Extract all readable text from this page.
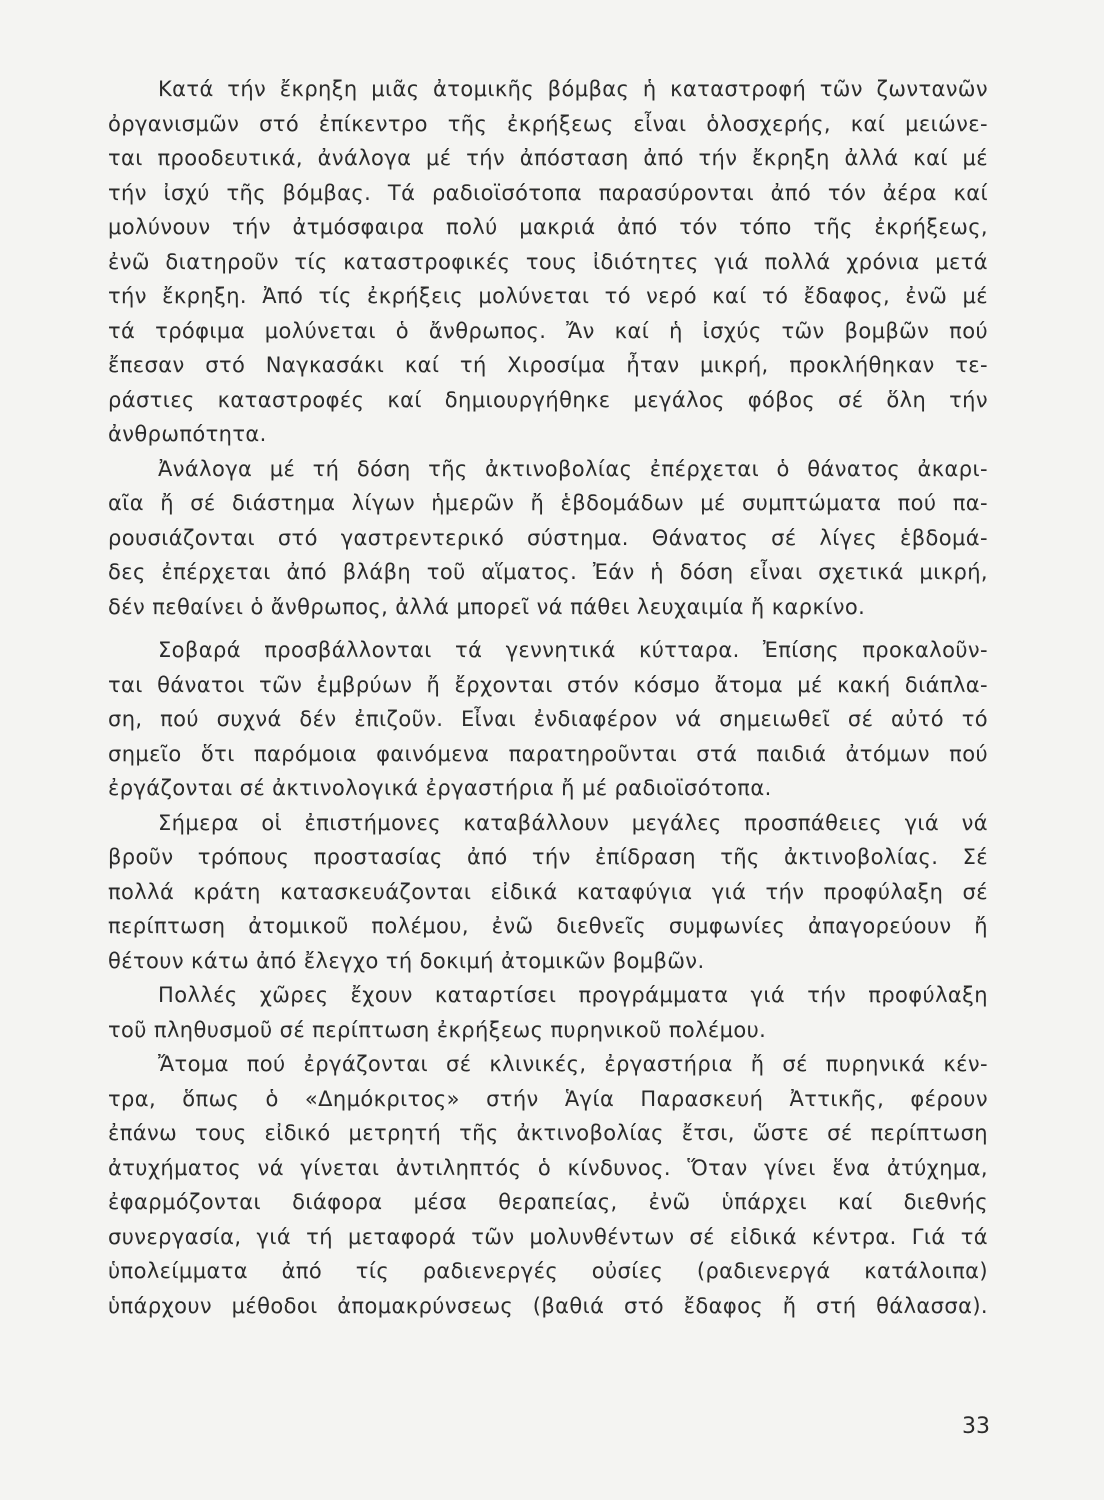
Κατά τήν ἔκρηξη μιᾶς ἀτομικῆς βόμβας ἡ καταστροφή τῶν ζωντανῶν
ὀργανισμῶν στό ἐπίκεντρο τῆς ἐκρήξεως εἶναι ὁλοσχερής, καί μειώνε-
ται προοδευτικά, ἀνάλογα μέ τήν ἀπόσταση ἀπό τήν ἔκρηξη ἀλλά καί μέ
τήν ἰσχύ τῆς βόμβας. Τά ραδιοϊσότοπα παρασύρονται ἀπό τόν ἀέρα καί
μολύνουν τήν ἀτμόσφαιρα πολύ μακριά ἀπό τόν τόπο τῆς ἐκρήξεως,
ἐνῶ διατηροῦν τίς καταστροφικές τους ἰδιότητες γιά πολλά χρόνια μετά
τήν ἔκρηξη. Ἀπό τίς ἐκρήξεις μολύνεται τό νερό καί τό ἔδαφος, ἐνῶ μέ
τά τρόφιμα μολύνεται ὁ ἄνθρωπος. Ἄν καί ἡ ἰσχύς τῶν βομβῶν πού
ἔπεσαν στό Ναγκασάκι καί τή Χιροσίμα ἦταν μικρή, προκλήθηκαν τε-
ράστιες καταστροφές καί δημιουργήθηκε μεγάλος φόβος σέ ὅλη τήν
ἀνθρωπότητα.
Ἀνάλογα μέ τή δόση τῆς ἀκτινοβολίας ἐπέρχεται ὁ θάνατος ἀκαρι-
αῖα ἤ σέ διάστημα λίγων ἡμερῶν ἤ ἑβδομάδων μέ συμπτώματα πού πα-
ρουσιάζονται στό γαστρεντερικό σύστημα. Θάνατος σέ λίγες ἑβδομά-
δες ἐπέρχεται ἀπό βλάβη τοῦ αἵματος. Ἐάν ἡ δόση εἶναι σχετικά μικρή,
δέν πεθαίνει ὁ ἄνθρωπος, ἀλλά μπορεῖ νά πάθει λευχαιμία ἤ καρκίνο.
Σοβαρά προσβάλλονται τά γεννητικά κύτταρα. Ἐπίσης προκαλοῦν-
ται θάνατοι τῶν ἐμβρύων ἤ ἔρχονται στόν κόσμο ἄτομα μέ κακή διάπλα-
ση, πού συχνά δέν ἐπιζοῦν. Εἶναι ἐνδιαφέρον νά σημειωθεῖ σέ αὐτό τό
σημεῖο ὅτι παρόμοια φαινόμενα παρατηροῦνται στά παιδιά ἀτόμων πού
ἐργάζονται σέ ἀκτινολογικά ἐργαστήρια ἤ μέ ραδιοϊσότοπα.
Σήμερα οἱ ἐπιστήμονες καταβάλλουν μεγάλες προσπάθειες γιά νά
βροῦν τρόπους προστασίας ἀπό τήν ἐπίδραση τῆς ἀκτινοβολίας. Σέ
πολλά κράτη κατασκευάζονται εἰδικά καταφύγια γιά τήν προφύλαξη σέ
περίπτωση ἀτομικοῦ πολέμου, ἐνῶ διεθνεῖς συμφωνίες ἀπαγορεύουν ἤ
θέτουν κάτω ἀπό ἔλεγχο τή δοκιμή ἀτομικῶν βομβῶν.
Πολλές χῶρες ἔχουν καταρτίσει προγράμματα γιά τήν προφύλαξη
τοῦ πληθυσμοῦ σέ περίπτωση ἐκρήξεως πυρηνικοῦ πολέμου.
Ἄτομα πού ἐργάζονται σέ κλινικές, ἐργαστήρια ἤ σέ πυρηνικά κέν-
τρα, ὅπως ὁ «Δημόκριτος» στήν Ἁγία Παρασκευή Ἀττικῆς, φέρουν
ἐπάνω τους εἰδικό μετρητή τῆς ἀκτινοβολίας ἔτσι, ὥστε σέ περίπτωση
ἀτυχήματος νά γίνεται ἀντιληπτός ὁ κίνδυνος. Ὅταν γίνει ἕνα ἀτύχημα,
ἐφαρμόζονται διάφορα μέσα θεραπείας, ἐνῶ ὑπάρχει καί διεθνής
συνεργασία, γιά τή μεταφορά τῶν μολυνθέντων σέ εἰδικά κέντρα. Γιά τά
ὑπολείμματα ἀπό τίς ραδιενεργές οὐσίες (ραδιενεργά κατάλοιπα)
ὑπάρχουν μέθοδοι ἀπομακρύνσεως (βαθιά στό ἔδαφος ἤ στή θάλασσα).
33
